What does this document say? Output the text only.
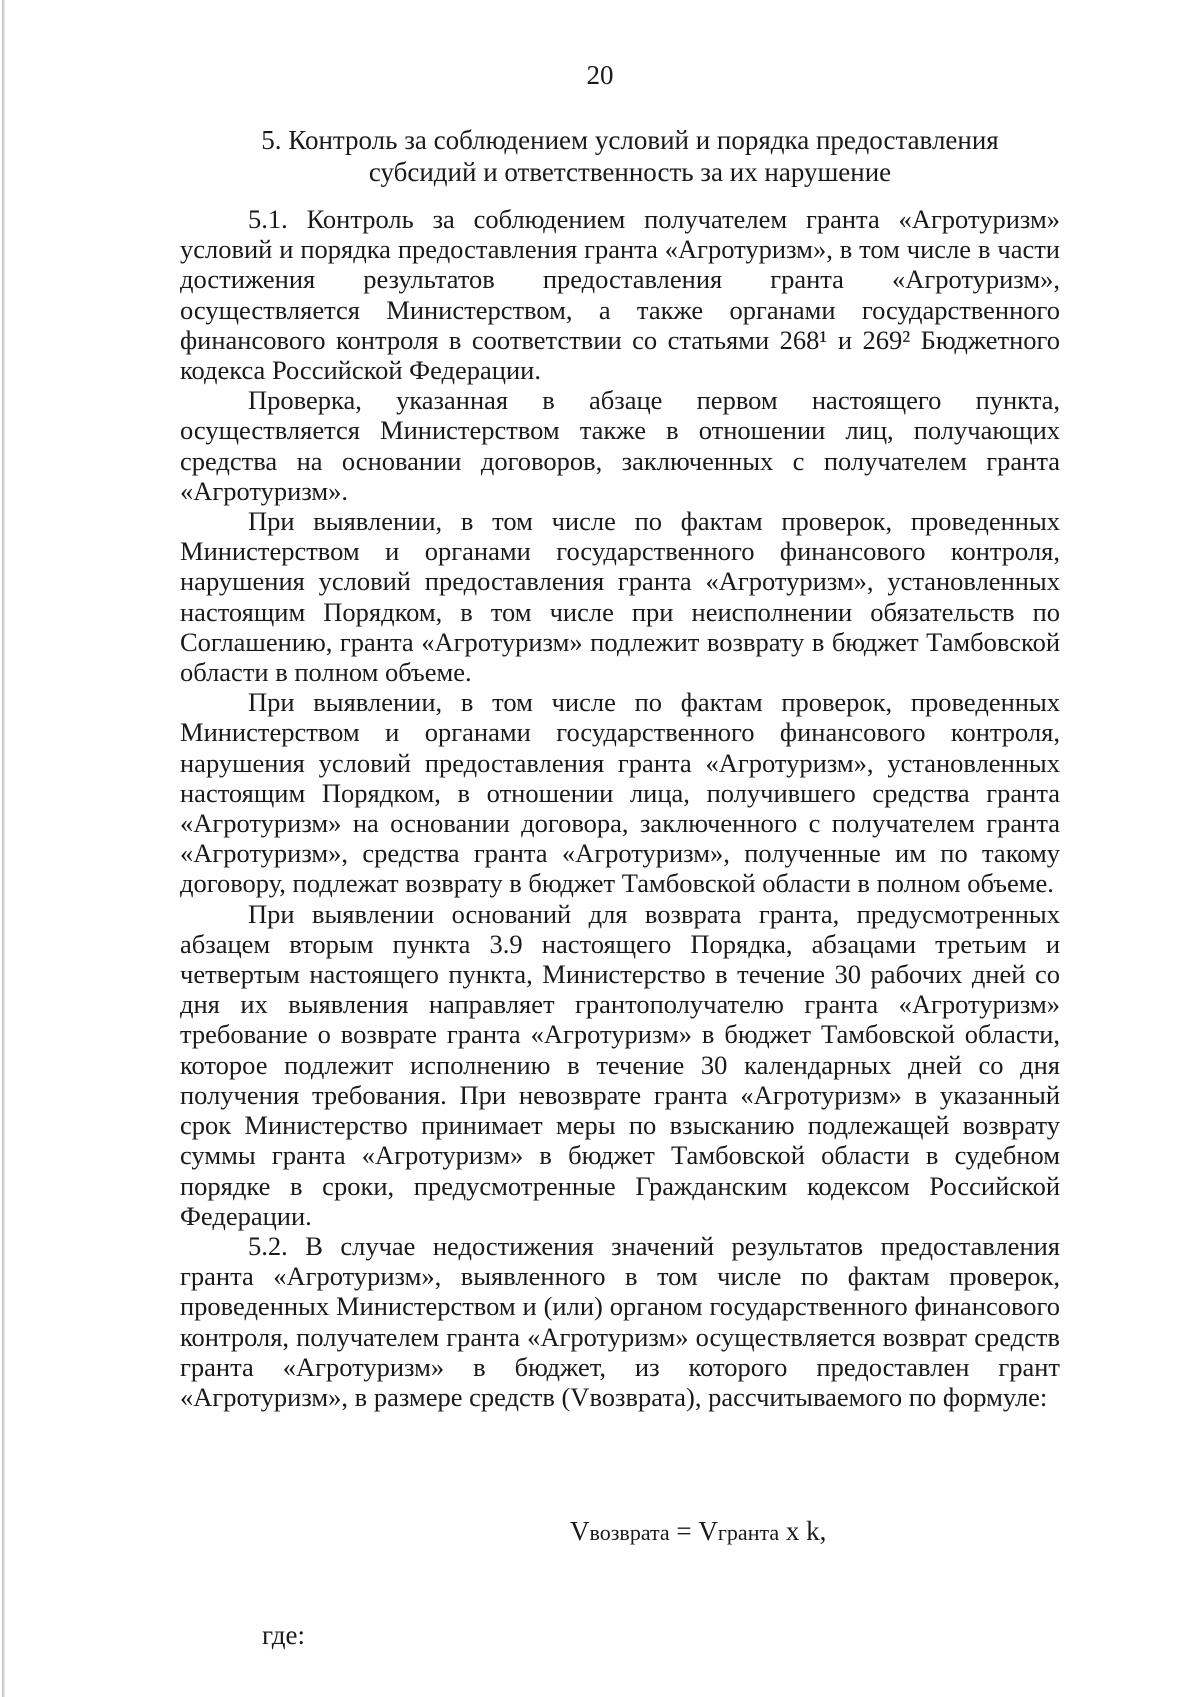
20
5. Контроль за соблюдением условий и порядка предоставления
субсидий и ответственность за их нарушение

5.1. Контроль за соблюдением получателем гранта «Агротуризм» условий и порядка предоставления гранта «Агротуризм», в том числе в части достижения результатов предоставления гранта «Агротуризм», осуществляется Министерством, а также органами государственного финансового контроля в соответствии со статьями 268¹ и 269² Бюджетного кодекса Российской Федерации.

Проверка, указанная в абзаце первом настоящего пункта, осуществляется Министерством также в отношении лиц, получающих средства на основании договоров, заключенных с получателем гранта «Агротуризм».

При выявлении, в том числе по фактам проверок, проведенных Министерством и органами государственного финансового контроля, нарушения условий предоставления гранта «Агротуризм», установленных настоящим Порядком, в том числе при неисполнении обязательств по Соглашению, гранта «Агротуризм» подлежит возврату в бюджет Тамбовской области в полном объеме.

При выявлении, в том числе по фактам проверок, проведенных Министерством и органами государственного финансового контроля, нарушения условий предоставления гранта «Агротуризм», установленных настоящим Порядком, в отношении лица, получившего средства гранта «Агротуризм» на основании договора, заключенного с получателем гранта «Агротуризм», средства гранта «Агротуризм», полученные им по такому договору, подлежат возврату в бюджет Тамбовской области в полном объеме.

При выявлении оснований для возврата гранта, предусмотренных абзацем вторым пункта 3.9 настоящего Порядка, абзацами третьим и четвертым настоящего пункта, Министерство в течение 30 рабочих дней со дня их выявления направляет грантополучателю гранта «Агротуризм» требование о возврате гранта «Агротуризм» в бюджет Тамбовской области, которое подлежит исполнению в течение 30 календарных дней со дня получения требования. При невозврате гранта «Агротуризм» в указанный срок Министерство принимает меры по взысканию подлежащей возврату суммы гранта «Агротуризм» в бюджет Тамбовской области в судебном порядке в сроки, предусмотренные Гражданским кодексом Российской Федерации.

5.2. В случае недостижения значений результатов предоставления гранта «Агротуризм», выявленного в том числе по фактам проверок, проведенных Министерством и (или) органом государственного финансового контроля, получателем гранта «Агротуризм» осуществляется возврат средств гранта «Агротуризм» в бюджет, из которого предоставлен грант «Агротуризм», в размере средств (Vвозврата), рассчитываемого по формуле:

Vвозврата = Vгранта x k,
где:
